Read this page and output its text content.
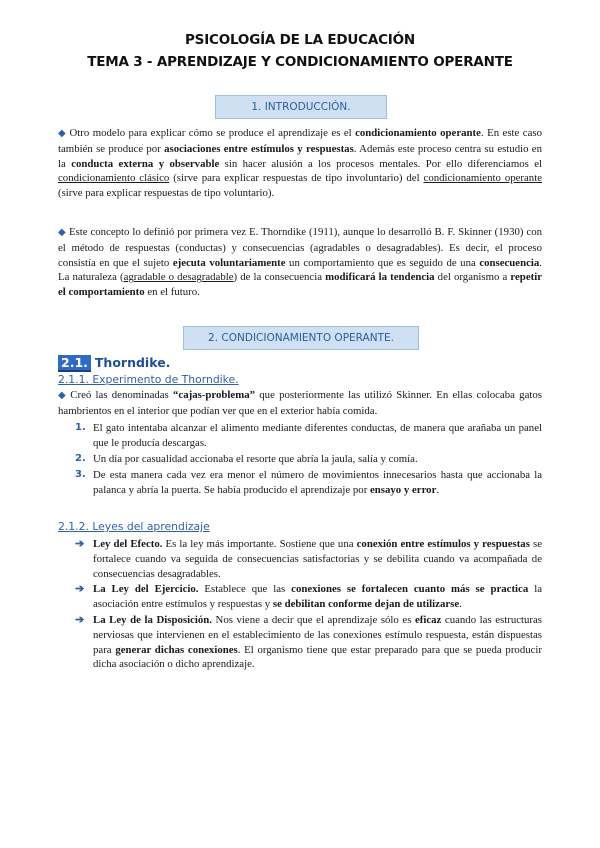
PSICOLOGÍA DE LA EDUCACIÓN
TEMA 3 - APRENDIZAJE Y CONDICIONAMIENTO OPERANTE
1. INTRODUCCIÓN.

◆ Otro modelo para explicar cómo se produce el aprendizaje es el condicionamiento operante. En este caso también se produce por asociaciones entre estímulos y respuestas. Además este proceso centra su estudio en la conducta externa y observable sin hacer alusión a los procesos mentales. Por ello diferenciamos el condicionamiento clásico (sirve para explicar respuestas de tipo involuntario) del condicionamiento operante (sirve para explicar respuestas de tipo voluntario).

◆ Este concepto lo definió por primera vez E. Thorndike (1911), aunque lo desarrolló B. F. Skinner (1930) con el método de respuestas (conductas) y consecuencias (agradables o desagradables). Es decir, el proceso consistía en que el sujeto ejecuta voluntariamente un comportamiento que es seguido de una consecuencia. La naturaleza (agradable o desagradable) de la consecuencia modificará la tendencia del organismo a repetir el comportamiento en el futuro.

2. CONDICIONAMIENTO OPERANTE.
2.1. Thorndike.
2.1.1. Experimento de Thorndike.

◆ Creó las denominadas “cajas-problema” que posteriormente las utilizó Skinner. En ellas colocaba gatos hambrientos en el interior que podían ver que en el exterior había comida.

1. El gato intentaba alcanzar el alimento mediante diferentes conductas, de manera que arañaba un panel que le producía descargas.
2. Un día por casualidad accionaba el resorte que abría la jaula, salía y comía.
3. De esta manera cada vez era menor el número de movimientos innecesarios hasta que accionaba la palanca y abría la puerta. Se había producido el aprendizaje por ensayo y error.
2.1.2. Leyes del aprendizaje
➔ Ley del Efecto. Es la ley más importante. Sostiene que una conexión entre estímulos y respuestas se fortalece cuando va seguida de consecuencias satisfactorias y se debilita cuando va acompañada de consecuencias desagradables.
➔ La Ley del Ejercicio. Establece que las conexiones se fortalecen cuanto más se practica la asociación entre estímulos y respuestas y se debilitan conforme dejan de utilizarse.
➔ La Ley de la Disposición. Nos viene a decir que el aprendizaje sólo es eficaz cuando las estructuras nerviosas que intervienen en el establecimiento de las conexiones estímulo respuesta, están dispuestas para generar dichas conexiones. El organismo tiene que estar preparado para que se pueda producir dicha asociación o dicho aprendizaje.
